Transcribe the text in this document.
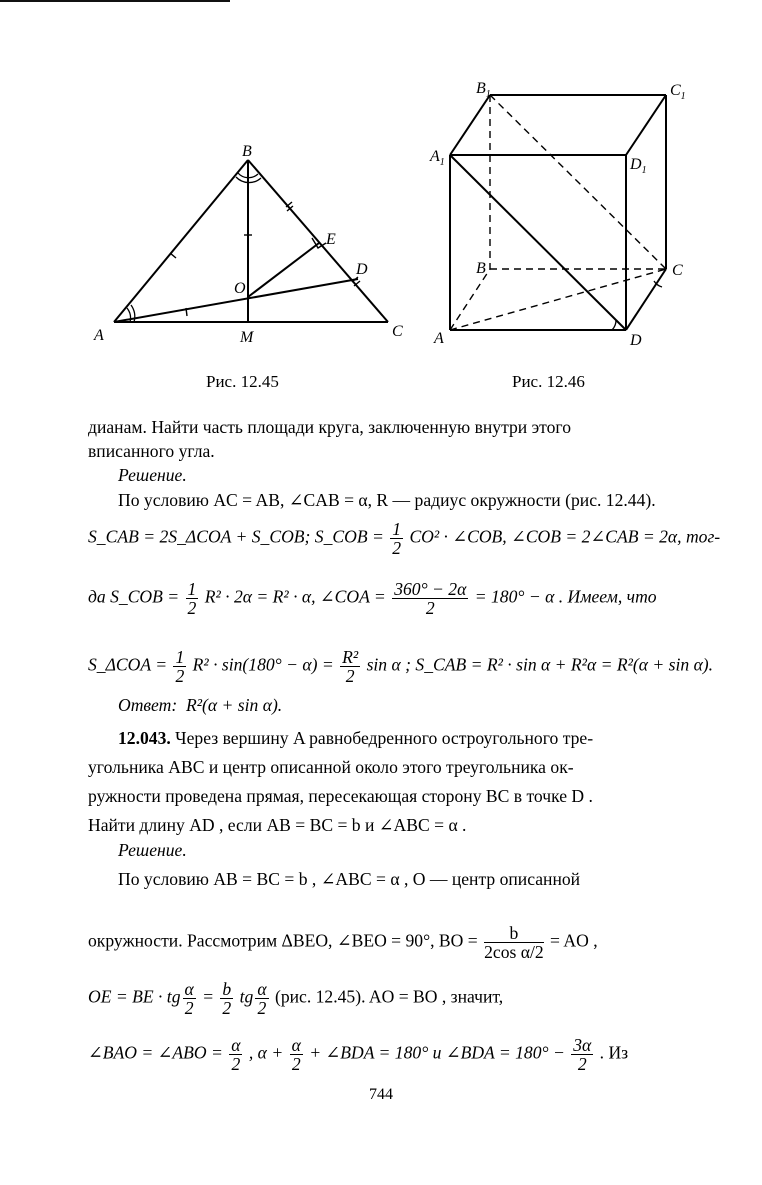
B
A	C
M
O
E
D
Рис. 12.45
$B_1$	$C_1$
$A_1$	$D_1$
B	C
A	D
Рис. 12.46
дианам. Найти часть площади круга, заключенную внутри этого
вписанного угла.
Решение.
По условию AC = AB, ∠CAB = α, R — радиус окружности (рис. 12.44).
S_CAB = 2S_ΔCOA + S_COB; S_COB = $\frac{1}{2} CO^2$ · ∠COB, ∠COB = 2∠CAB = 2α, тог-
да S_COB = $\frac{1}{2} R^2 \cdot 2\alpha = R^2 \cdot \alpha$, ∠COA = $\frac{360^\circ - 2\alpha}{2} = 180^\circ - \alpha$ . Имеем, что
S_ΔCOA = $\frac{1}{2} R^2 \cdot \sin(180^\circ - \alpha) = \frac{\text{R²}}{2}$ sin α ; S_CAB = R² · sin α + R²α = R²(α + sin α).
Ответ: R²(α + sin α).
12.043. Через вершину A равнобедренного остроугольного тре-
угольника ABC и центр описанной около этого треугольника ок-
ружности проведена прямая, пересекающая сторону BC в точке D .
Найти длину AD , если AB = BC = b и ∠ABC = α .
Решение.
По условию AB = BC = b , ∠ABC = α , O — центр описанной
окружности. Рассмотрим ΔBEO, ∠BEO = 90°, BO = $\frac{b}{\text{2cos α/2}}$ = AO ,
OE = BE · tg $\frac{\alpha}{2} = \frac{b}{2}$ tg $\frac{\alpha}{2} (рис$. 12.45). AO = BO , значит,
∠BAO = ∠ABO = $\frac{\alpha}{2}$ , $\alpha + \frac{\alpha}{2}$ + ∠BDA = 180° и ∠BDA = $180^\circ - \frac{3\alpha}{2}$ . Из
744
